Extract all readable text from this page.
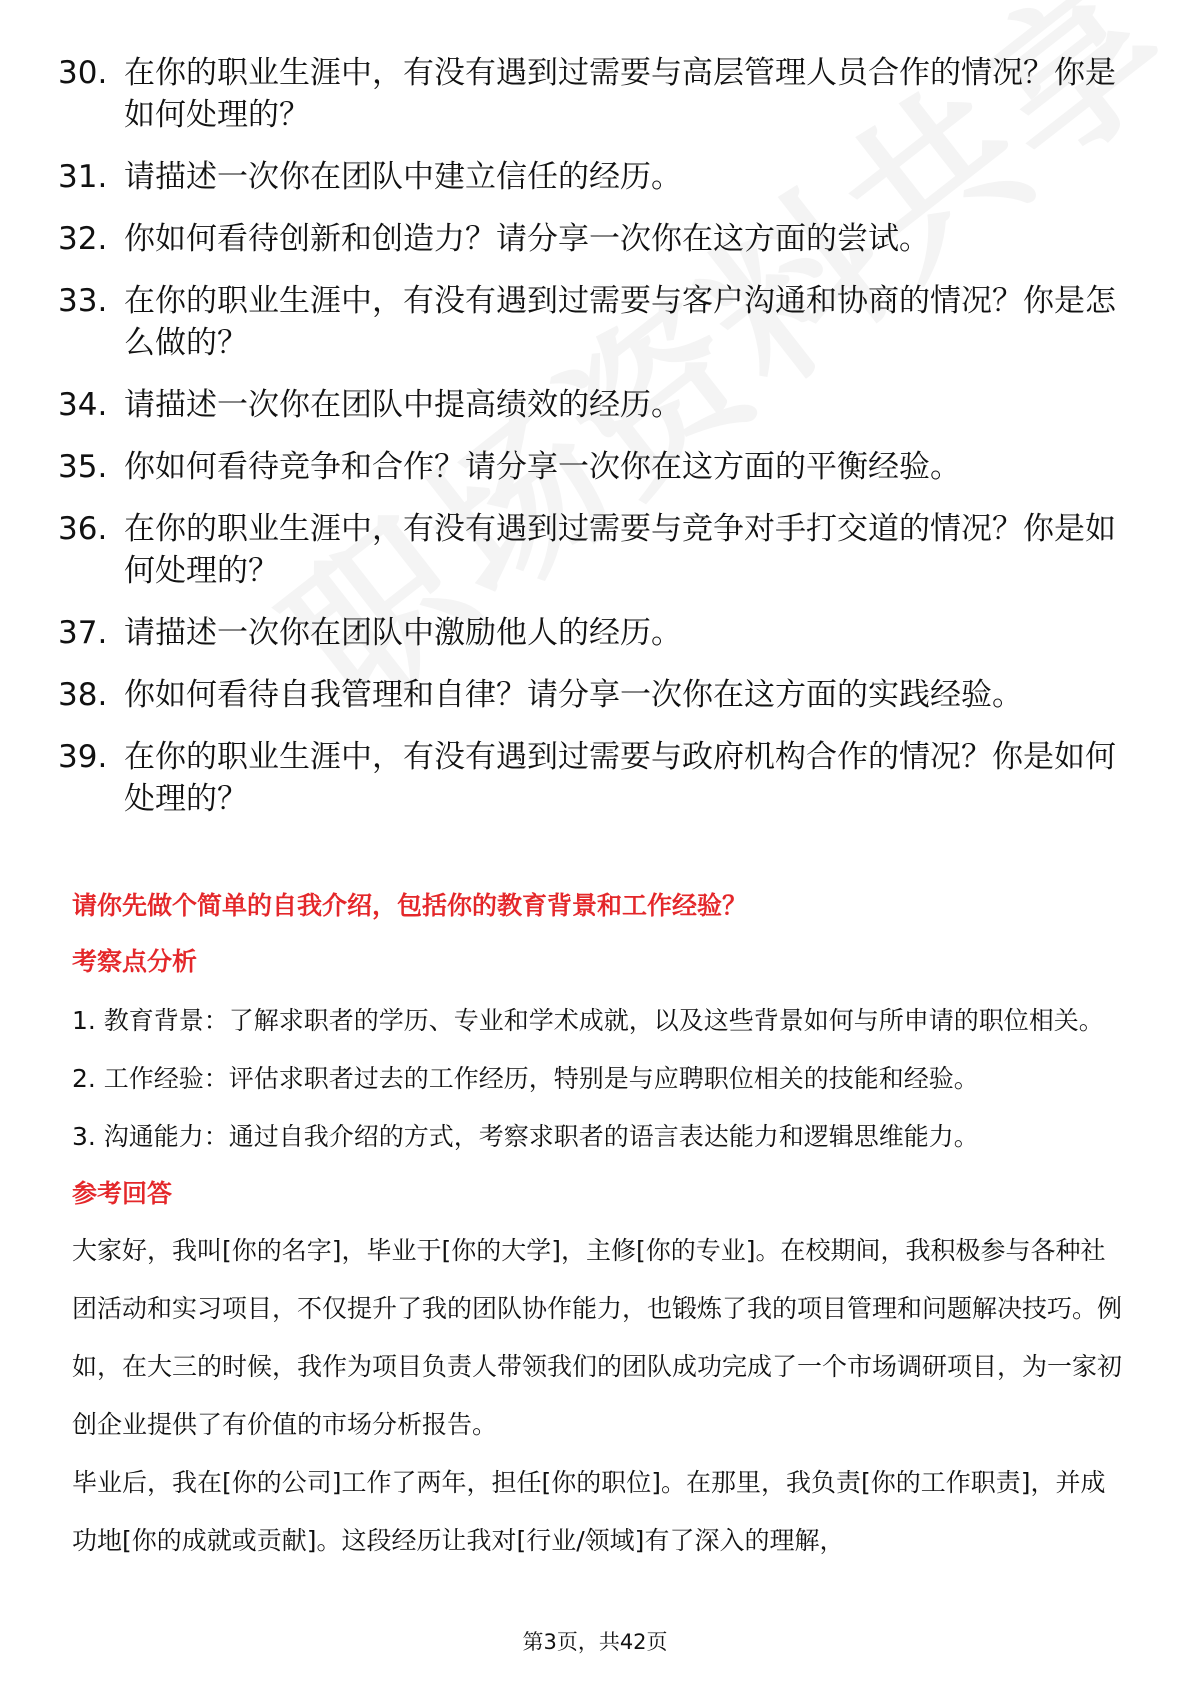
30. 在你的职业生涯中，有没有遇到过需要与高层管理人员合作的情况？你是如何处理的？
31. 请描述一次你在团队中建立信任的经历。
32. 你如何看待创新和创造力？请分享一次你在这方面的尝试。
33. 在你的职业生涯中，有没有遇到过需要与客户沟通和协商的情况？你是怎么做的？
34. 请描述一次你在团队中提高绩效的经历。
35. 你如何看待竞争和合作？请分享一次你在这方面的平衡经验。
36. 在你的职业生涯中，有没有遇到过需要与竞争对手打交道的情况？你是如何处理的？
37. 请描述一次你在团队中激励他人的经历。
38. 你如何看待自我管理和自律？请分享一次你在这方面的实践经验。
39. 在你的职业生涯中，有没有遇到过需要与政府机构合作的情况？你是如何处理的？
请你先做个简单的自我介绍，包括你的教育背景和工作经验？
考察点分析

1. 教育背景：了解求职者的学历、专业和学术成就，以及这些背景如何与所申请的职位相关。

2. 工作经验：评估求职者过去的工作经历，特别是与应聘职位相关的技能和经验。

3. 沟通能力：通过自我介绍的方式，考察求职者的语言表达能力和逻辑思维能力。

参考回答

大家好，我叫[你的名字]，毕业于[你的大学]，主修[你的专业]。在校期间，我积极参与各种社团活动和实习项目，不仅提升了我的团队协作能力，也锻炼了我的项目管理和问题解决技巧。例如，在大三的时候，我作为项目负责人带领我们的团队成功完成了一个市场调研项目，为一家初创企业提供了有价值的市场分析报告。

毕业后，我在[你的公司]工作了两年，担任[你的职位]。在那里，我负责[你的工作职责]，并成功地[你的成就或贡献]。这段经历让我对[行业/领域]有了深入的理解，

第3页，共42页
